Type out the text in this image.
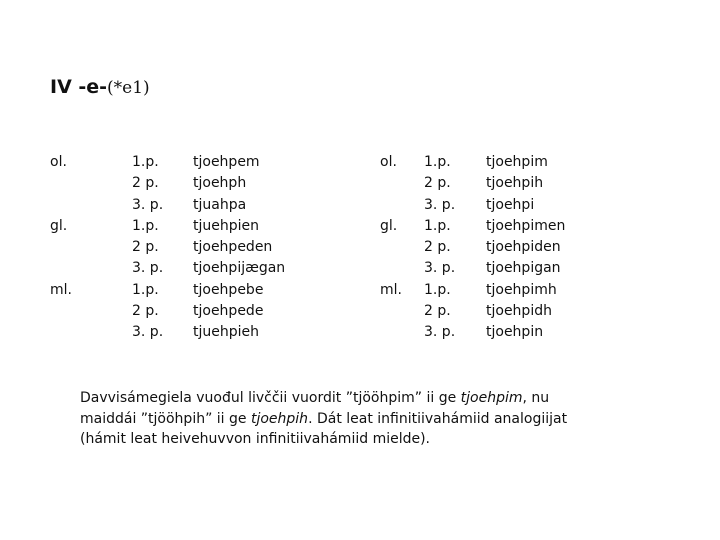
IV -e-(*e1)
ol.
gl.
ml.
1.p.
2 p.
3. p.
1.p.
2 p.
3. p.
1.p.
2 p.
3. p.
tjoehpem
tjoehph
tjuahpa
tjuehpien
tjoehpeden
tjoehpijægan
tjoehpebe
tjoehpede
tjuehpieh
ol.
gl.
ml.
1.p.
2 p.
3. p.
1.p.
2 p.
3. p.
1.p.
2 p.
3. p.
tjoehpim
tjoehpih
tjoehpi
tjoehpimen
tjoehpiden
tjoehpigan
tjoehpimh
tjoehpidh
tjoehpin

Davvisámegiela vuođul livččii vuordit ”tjööhpim” ii ge tjoehpim, nu

maiddái ”tjööhpih” ii ge tjoehpih. Dát leat infinitiivahámiid analogiijat

(hámit leat heivehuvvon infinitiivahámiid mielde).
